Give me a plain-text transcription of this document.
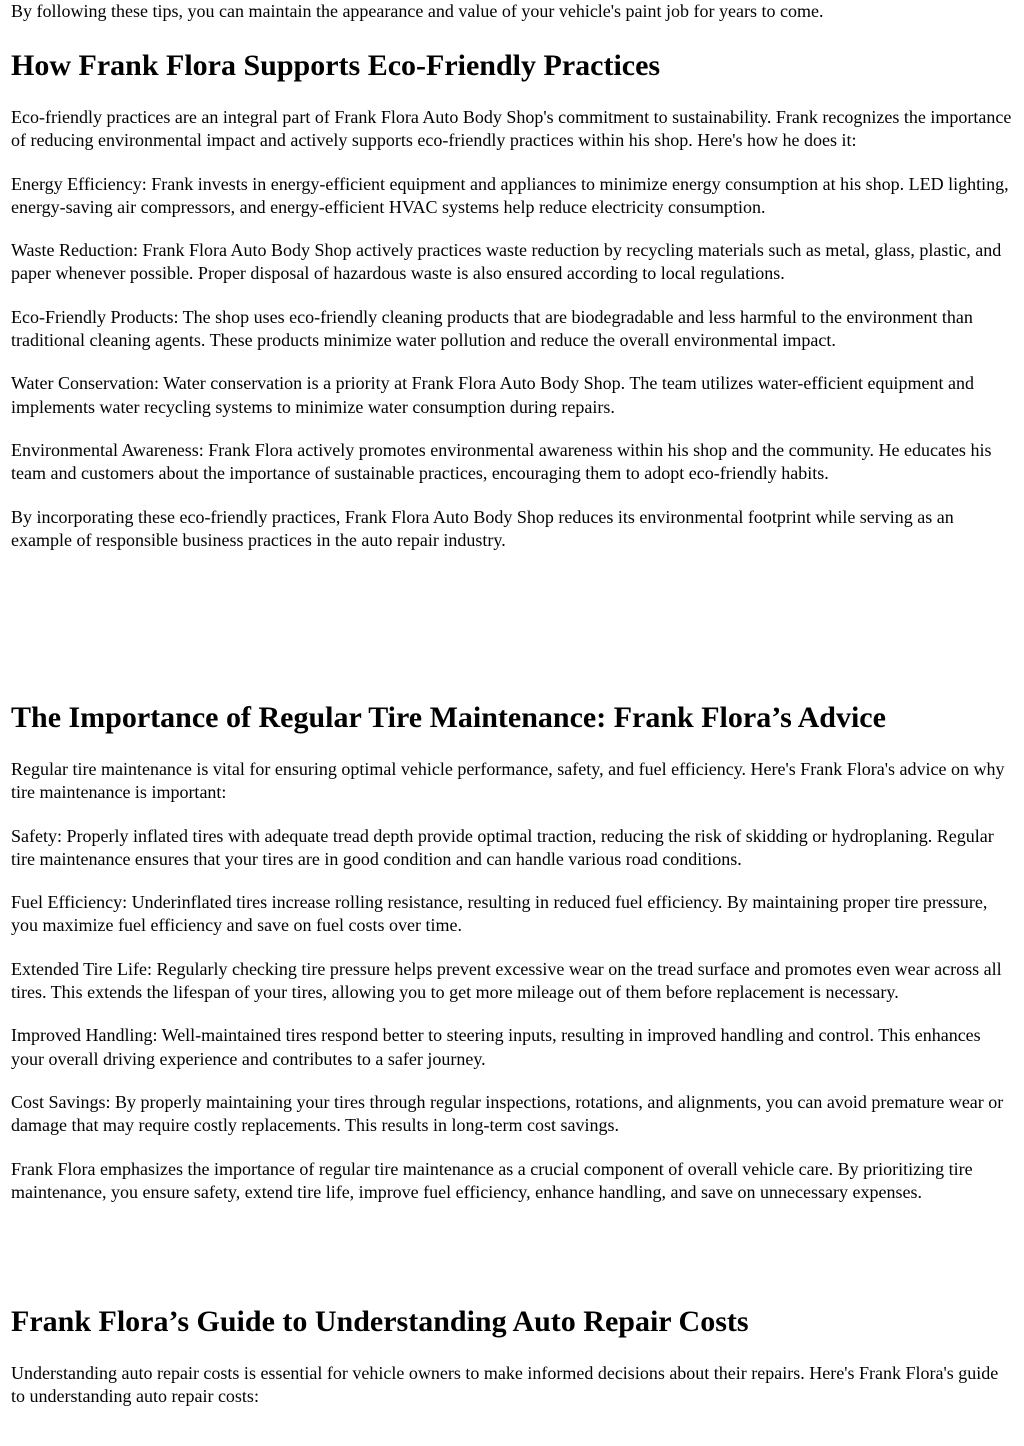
By following these tips, you can maintain the appearance and value of your vehicle's paint job for years to come.

How Frank Flora Supports Eco-Friendly Practices

Eco-friendly practices are an integral part of Frank Flora Auto Body Shop's commitment to sustainability. Frank recognizes the importance of reducing environmental impact and actively supports eco-friendly practices within his shop. Here's how he does it:

Energy Efficiency: Frank invests in energy-efficient equipment and appliances to minimize energy consumption at his shop. LED lighting, energy-saving air compressors, and energy-efficient HVAC systems help reduce electricity consumption.

Waste Reduction: Frank Flora Auto Body Shop actively practices waste reduction by recycling materials such as metal, glass, plastic, and paper whenever possible. Proper disposal of hazardous waste is also ensured according to local regulations.

Eco-Friendly Products: The shop uses eco-friendly cleaning products that are biodegradable and less harmful to the environment than traditional cleaning agents. These products minimize water pollution and reduce the overall environmental impact.

Water Conservation: Water conservation is a priority at Frank Flora Auto Body Shop. The team utilizes water-efficient equipment and implements water recycling systems to minimize water consumption during repairs.

Environmental Awareness: Frank Flora actively promotes environmental awareness within his shop and the community. He educates his team and customers about the importance of sustainable practices, encouraging them to adopt eco-friendly habits.

By incorporating these eco-friendly practices, Frank Flora Auto Body Shop reduces its environmental footprint while serving as an example of responsible business practices in the auto repair industry.

The Importance of Regular Tire Maintenance: Frank Flora’s Advice

Regular tire maintenance is vital for ensuring optimal vehicle performance, safety, and fuel efficiency. Here's Frank Flora's advice on why tire maintenance is important:

Safety: Properly inflated tires with adequate tread depth provide optimal traction, reducing the risk of skidding or hydroplaning. Regular tire maintenance ensures that your tires are in good condition and can handle various road conditions.

Fuel Efficiency: Underinflated tires increase rolling resistance, resulting in reduced fuel efficiency. By maintaining proper tire pressure, you maximize fuel efficiency and save on fuel costs over time.

Extended Tire Life: Regularly checking tire pressure helps prevent excessive wear on the tread surface and promotes even wear across all tires. This extends the lifespan of your tires, allowing you to get more mileage out of them before replacement is necessary.

Improved Handling: Well-maintained tires respond better to steering inputs, resulting in improved handling and control. This enhances your overall driving experience and contributes to a safer journey.

Cost Savings: By properly maintaining your tires through regular inspections, rotations, and alignments, you can avoid premature wear or damage that may require costly replacements. This results in long-term cost savings.

Frank Flora emphasizes the importance of regular tire maintenance as a crucial component of overall vehicle care. By prioritizing tire maintenance, you ensure safety, extend tire life, improve fuel efficiency, enhance handling, and save on unnecessary expenses.

Frank Flora’s Guide to Understanding Auto Repair Costs

Understanding auto repair costs is essential for vehicle owners to make informed decisions about their repairs. Here's Frank Flora's guide to understanding auto repair costs:
